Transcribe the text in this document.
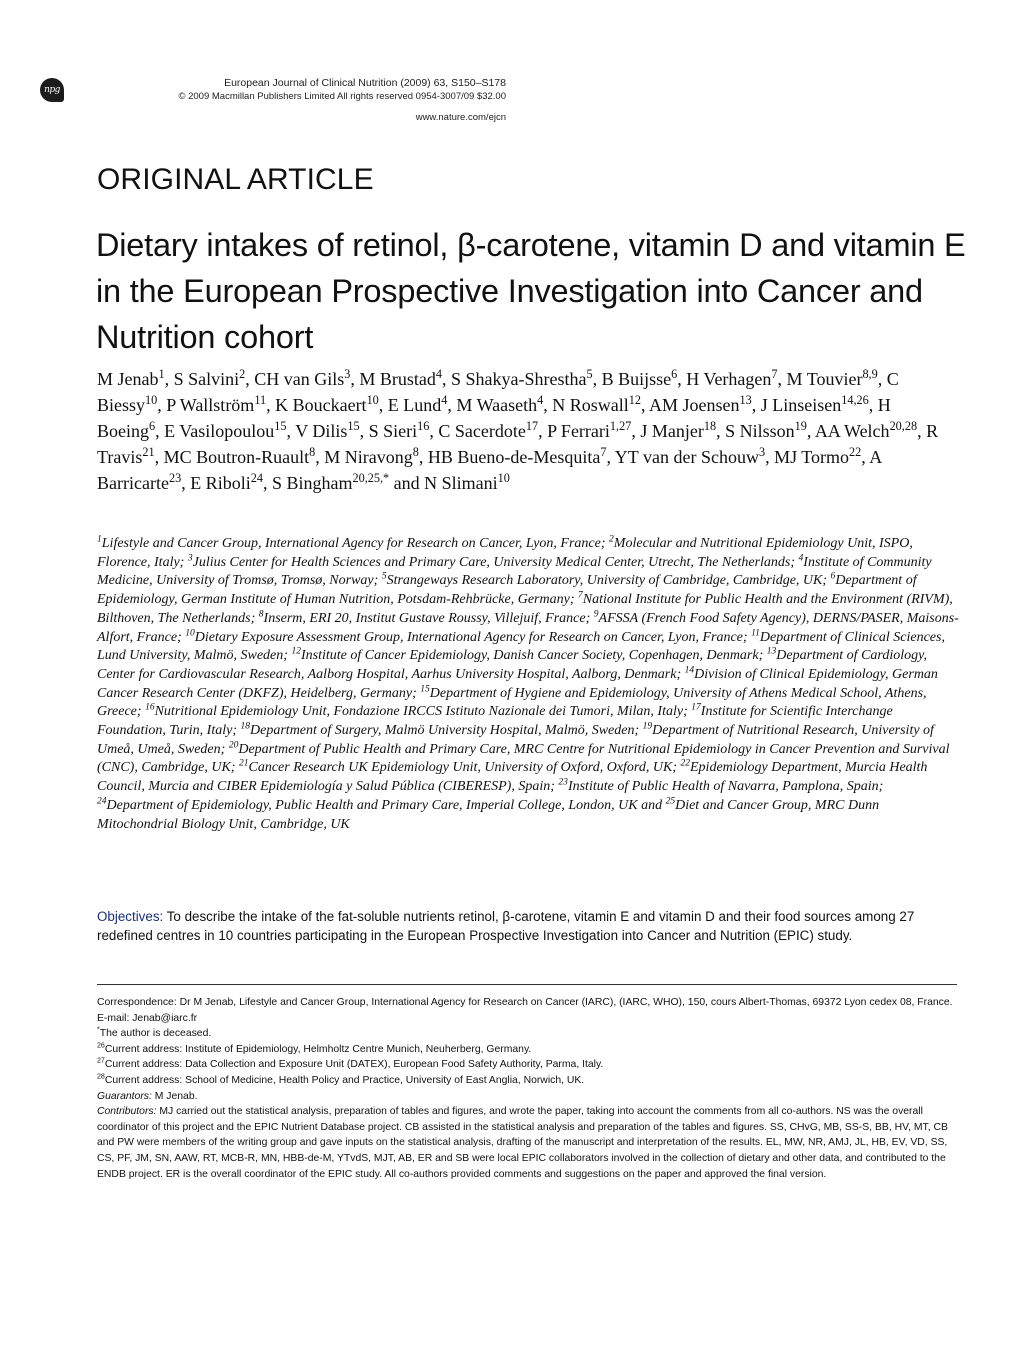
npg
European Journal of Clinical Nutrition (2009) 63, S150–S178
© 2009 Macmillan Publishers Limited All rights reserved 0954-3007/09 $32.00
www.nature.com/ejcn
ORIGINAL ARTICLE
Dietary intakes of retinol, β-carotene, vitamin D and vitamin E in the European Prospective Investigation into Cancer and Nutrition cohort

M Jenab$^1$, S Salvini$^2$, CH van Gils$^3$, M Brustad$^4$, S Shakya-Shrestha$^5$, B Buijsse$^6$, H Verhagen$^7$, M Touvier$^{8,9}$, C Biessy$^{10}$, P Wallström$^{11}$, K Bouckaert$^{10}$, E Lund$^4$, M Waaseth$^4$, N Roswall$^{12}$, AM Joensen$^{13}$, J Linseisen$^{14,26}$, H Boeing$^6$, E Vasilopoulou$^{15}$, V Dilis$^{15}$, S Sieri$^{16}$, C Sacerdote$^{17}$, P Ferrari$^{1,27}$, J Manjer$^{18}$, S Nilsson$^{19}$, AA Welch$^{20,28}$, R Travis$^{21}$, MC Boutron-Ruault$^8$, M Niravong$^8$, HB Bueno-de-Mesquita$^7$, YT van der Schouw$^3$, MJ Tormo$^{22}$, A Barricarte$^{23}$, E Riboli$^{24}$, S Bingham$^{20,25,*}$ and N Slimani$^{10}$

$^1$Lifestyle and Cancer Group, International Agency for Research on Cancer, Lyon, France; $^2$Molecular and Nutritional Epidemiology Unit, ISPO, Florence, Italy; $^3$Julius Center for Health Sciences and Primary Care, University Medical Center, Utrecht, The Netherlands; $^4$Institute of Community Medicine, University of Tromsø, Tromsø, Norway; $^5$Strangeways Research Laboratory, University of Cambridge, Cambridge, UK; $^6$Department of Epidemiology, German Institute of Human Nutrition, Potsdam-Rehbrücke, Germany; $^7$National Institute for Public Health and the Environment (RIVM), Bilthoven, The Netherlands; $^8$Inserm, ERI 20, Institut Gustave Roussy, Villejuif, France; $^9$AFSSA (French Food Safety Agency), DERNS/PASER, Maisons-Alfort, France; $^{10}$Dietary Exposure Assessment Group, International Agency for Research on Cancer, Lyon, France; $^{11}$Department of Clinical Sciences, Lund University, Malmö, Sweden; $^{12}$Institute of Cancer Epidemiology, Danish Cancer Society, Copenhagen, Denmark; $^{13}$Department of Cardiology, Center for Cardiovascular Research, Aalborg Hospital, Aarhus University Hospital, Aalborg, Denmark; $^{14}$Division of Clinical Epidemiology, German Cancer Research Center (DKFZ), Heidelberg, Germany; $^{15}$Department of Hygiene and Epidemiology, University of Athens Medical School, Athens, Greece; $^{16}$Nutritional Epidemiology Unit, Fondazione IRCCS Istituto Nazionale dei Tumori, Milan, Italy; $^{17}$Institute for Scientific Interchange Foundation, Turin, Italy; $^{18}$Department of Surgery, Malmö University Hospital, Malmö, Sweden; $^{19}$Department of Nutritional Research, University of Umeå, Umeå, Sweden; $^{20}$Department of Public Health and Primary Care, MRC Centre for Nutritional Epidemiology in Cancer Prevention and Survival (CNC), Cambridge, UK; $^{21}$Cancer Research UK Epidemiology Unit, University of Oxford, Oxford, UK; $^{22}$Epidemiology Department, Murcia Health Council, Murcia and CIBER Epidemiología y Salud Pública (CIBERESP), Spain; $^{23}$Institute of Public Health of Navarra, Pamplona, Spain; $^{24}$Department of Epidemiology, Public Health and Primary Care, Imperial College, London, UK and $^{25}$Diet and Cancer Group, MRC Dunn Mitochondrial Biology Unit, Cambridge, UK

Objectives: To describe the intake of the fat-soluble nutrients retinol, β-carotene, vitamin E and vitamin D and their food sources among 27 redefined centres in 10 countries participating in the European Prospective Investigation into Cancer and Nutrition (EPIC) study.

Correspondence: Dr M Jenab, Lifestyle and Cancer Group, International Agency for Research on Cancer (IARC), (IARC, WHO), 150, cours Albert-Thomas, 69372 Lyon cedex 08, France.

E-mail: Jenab@iarc.fr

*The author is deceased.

$^{26}$Current address: Institute of Epidemiology, Helmholtz Centre Munich, Neuherberg, Germany.

$^{27}$Current address: Data Collection and Exposure Unit (DATEX), European Food Safety Authority, Parma, Italy.

$^{28}$Current address: School of Medicine, Health Policy and Practice, University of East Anglia, Norwich, UK.

Guarantors: M Jenab.

Contributors: MJ carried out the statistical analysis, preparation of tables and figures, and wrote the paper, taking into account the comments from all co-authors. NS was the overall coordinator of this project and the EPIC Nutrient Database project. CB assisted in the statistical analysis and preparation of the tables and figures. SS, CHvG, MB, SS-S, BB, HV, MT, CB and PW were members of the writing group and gave inputs on the statistical analysis, drafting of the manuscript and interpretation of the results. EL, MW, NR, AMJ, JL, HB, EV, VD, SS, CS, PF, JM, SN, AAW, RT, MCB-R, MN, HBB-de-M, YTvdS, MJT, AB, ER and SB were local EPIC collaborators involved in the collection of dietary and other data, and contributed to the ENDB project. ER is the overall coordinator of the EPIC study. All co-authors provided comments and suggestions on the paper and approved the final version.
